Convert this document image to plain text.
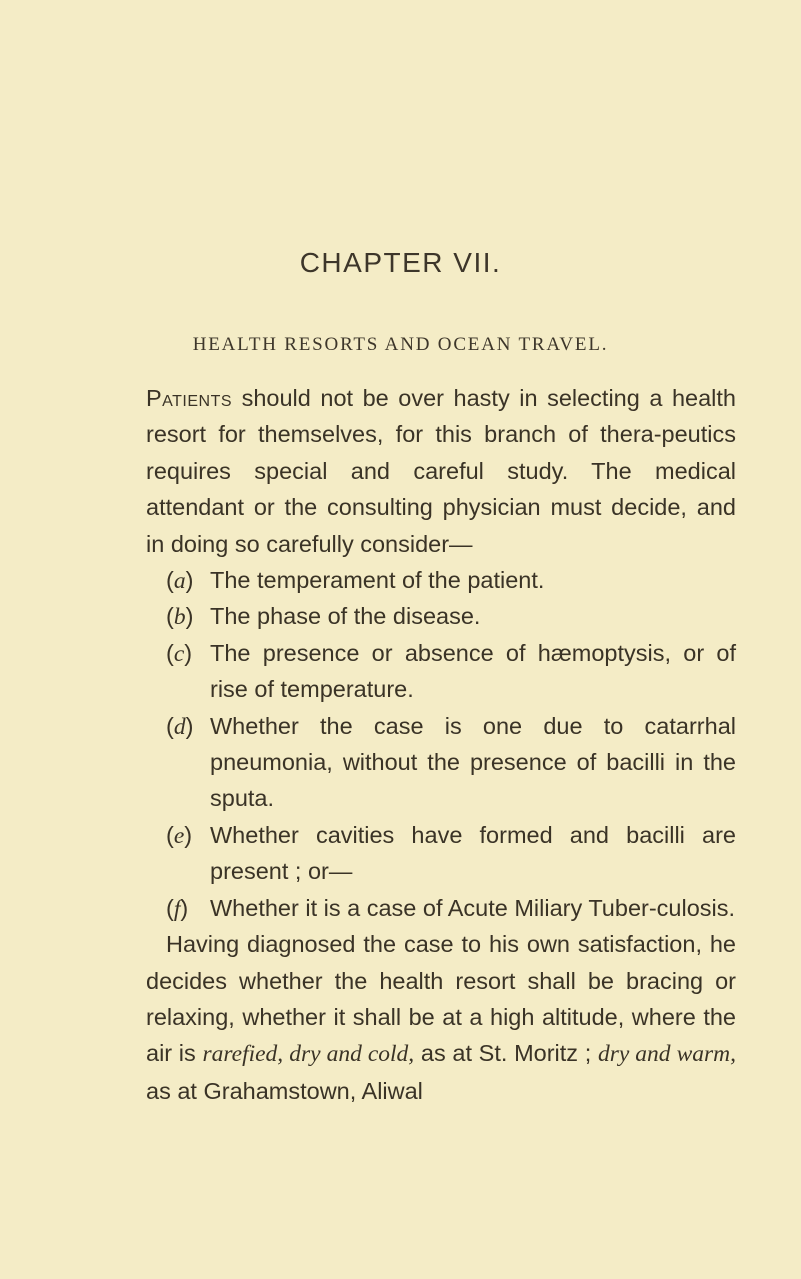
CHAPTER VII.
HEALTH RESORTS AND OCEAN TRAVEL.

Patients should not be over hasty in selecting a health resort for themselves, for this branch of thera-peutics requires special and careful study. The medical attendant or the consulting physician must decide, and in doing so carefully consider—

(a) The temperament of the patient.
(b) The phase of the disease.
(c) The presence or absence of hæmoptysis, or of rise of temperature.
(d) Whether the case is one due to catarrhal pneumonia, without the presence of bacilli in the sputa.
(e) Whether cavities have formed and bacilli are present ; or—
(f) Whether it is a case of Acute Miliary Tuber-culosis.

Having diagnosed the case to his own satisfaction, he decides whether the health resort shall be bracing or relaxing, whether it shall be at a high altitude, where the air is rarefied, dry and cold, as at St. Moritz ; dry and warm, as at Grahamstown, Aliwal
